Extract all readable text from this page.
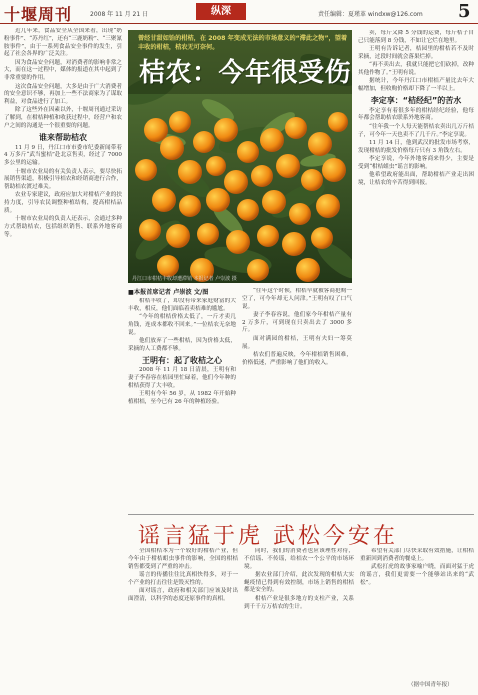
十堰周刊	2008 年 11 月 21 日	纵深	责任编辑：夏瑾革 windxw@126.com 5

近几年来，食品安全从全国来看，出现“奶粉事件”、“苏丹红”，还有“三鹿奶粉”、“三聚氰胺事件”，由于一系列食品安全事件的发生，引起了社会各界的广泛关注。

因为食品安全问题，对消费者的影响非常之大，而在这一过程中，媒体的报道在其中起到了非常重要的作用。

这次食品安全问题，大多是由于广大消费者的安全意识不够，再加上一些不法商家为了谋取利益，对食品进行了加工。

除了这些外在因素以外，十堰周刊通过采访了解到，在柑桔种植和收获过程中，经营户和农户之间的沟通是一个很重要的问题。

谁来帮助桔农

11 月 9 日，丹江口市市委市纪委新闻带着 4 万多斤“武当蜜桔”赴北京售卖，经过了 7000 多公里的运输。

十堰市农业局的有关负责人表示，要尽快拓展销售渠道，积极引导桔农和经销商进行合作，帮助桔农渡过难关。

农业专家建议，政府应加大对柑桔产业的扶持力度，引导农民调整种植结构，提高柑桔品质。

十堰市农业局的负责人还表示，会通过多种方式帮助桔农，包括组织销售、联系外地客商等。

曾经甘甜如饴的柑桔，在 2008 年变成无法的市场意义的“滞此之物”，望着丰收的柑桔，桔农无可奈何。
桔农：今年很受伤
丹江口市柑桔丰收却遭滞销 本报记者 卢崇波 摄
■本报首席记者 卢崇波 文/图

柑桔丰收了，却没有带来家庭财富的大丰收，相反，他们面临着卖桔难的尴尬。

“今年的柑桔价格太低了，一斤才卖几角钱，连成本都收不回来。”一位桔农无奈地说。

他们放弃了一些柑桔，因为价格太低，采摘的人工费都不够。

王明有：起了收桔之心

2008 年 11 月 18 日清晨，王明有和妻子李春容在桔园里忙碌着，他们今年种的柑桔获得了大丰收。

王明有今年 56 岁，从 1982 年开始种植柑桔，至今已有 26 年的种植经验。

“往年这个时候，柑桔早就被客商抢购一空了，可今年却无人问津。”王明有叹了口气说。

妻子李春容说，他们家今年柑桔产量有 2 万多斤，可到现在只卖出去了 3000 多斤。

面对满园的柑桔，王明有夫妇一筹莫展。

桔农们普遍反映，今年柑桔销售困难，价格低迷，严重影响了他们的收入。

卖，每斤又降 5 分钱的运费，每斤桔子自己只能落到 8 分钱，不如让它烂在地里。

王明有告诉记者，桔园里的柑桔若不及时采摘，过段时间就会落果烂掉。

“再不卖出去，我就只能把它们砍掉，改种其他作物了。”王明有说。

据统计，今年丹江口市柑桔产量比去年大幅增加，但收购价格却下降了一半以上。

李定享：“桔经纪”的苦水

李定享有着很多年的柑桔经纪经验，他每年都会帮助桔农联系外地客商。

“往年我一个人每天能帮桔农卖出几万斤桔子，可今年一天也卖不了几千斤。”李定享说。

11 月 14 日，他到武汉的批发市场考察，发现柑桔的批发价格每斤只有 3 角钱左右。

李定享说，今年外地客商来得少，主要是受到“柑桔蛆虫”谣言的影响。

他希望政府能出面，帮助柑桔产业走出困境，让桔农的辛苦得到回报。

谣言猛于虎 武松今安在

全国柑桔本为一个较好的柑桔产业，但今年由于柑桔蛆虫事件的影响，全国的柑桔销售都受到了严重的冲击。

谣言的传播往往比真相快得多，对于一个产业的打击往往是毁灭性的。

面对谣言，政府和相关部门应该及时出面澄清，以科学的态度还原事件的真相。

同时，我们的消费者也应该理性对待，不信谣、不传谣，给桔农一个公平的市场环境。

据农业部门介绍，此次发现的柑桔大实蝇疫情已得到有效控制，市场上销售的柑桔都是安全的。

柑桔产业是很多地方的支柱产业，关系到千千万万桔农的生计。

希望有关部门尽快采取有效措施，让柑桔重新回到消费者的餐桌上。

武松打虎的故事家喻户晓，而面对猛于虎的谣言，我们更需要一个能够站出来的“武松”。

（据中国青年报）
